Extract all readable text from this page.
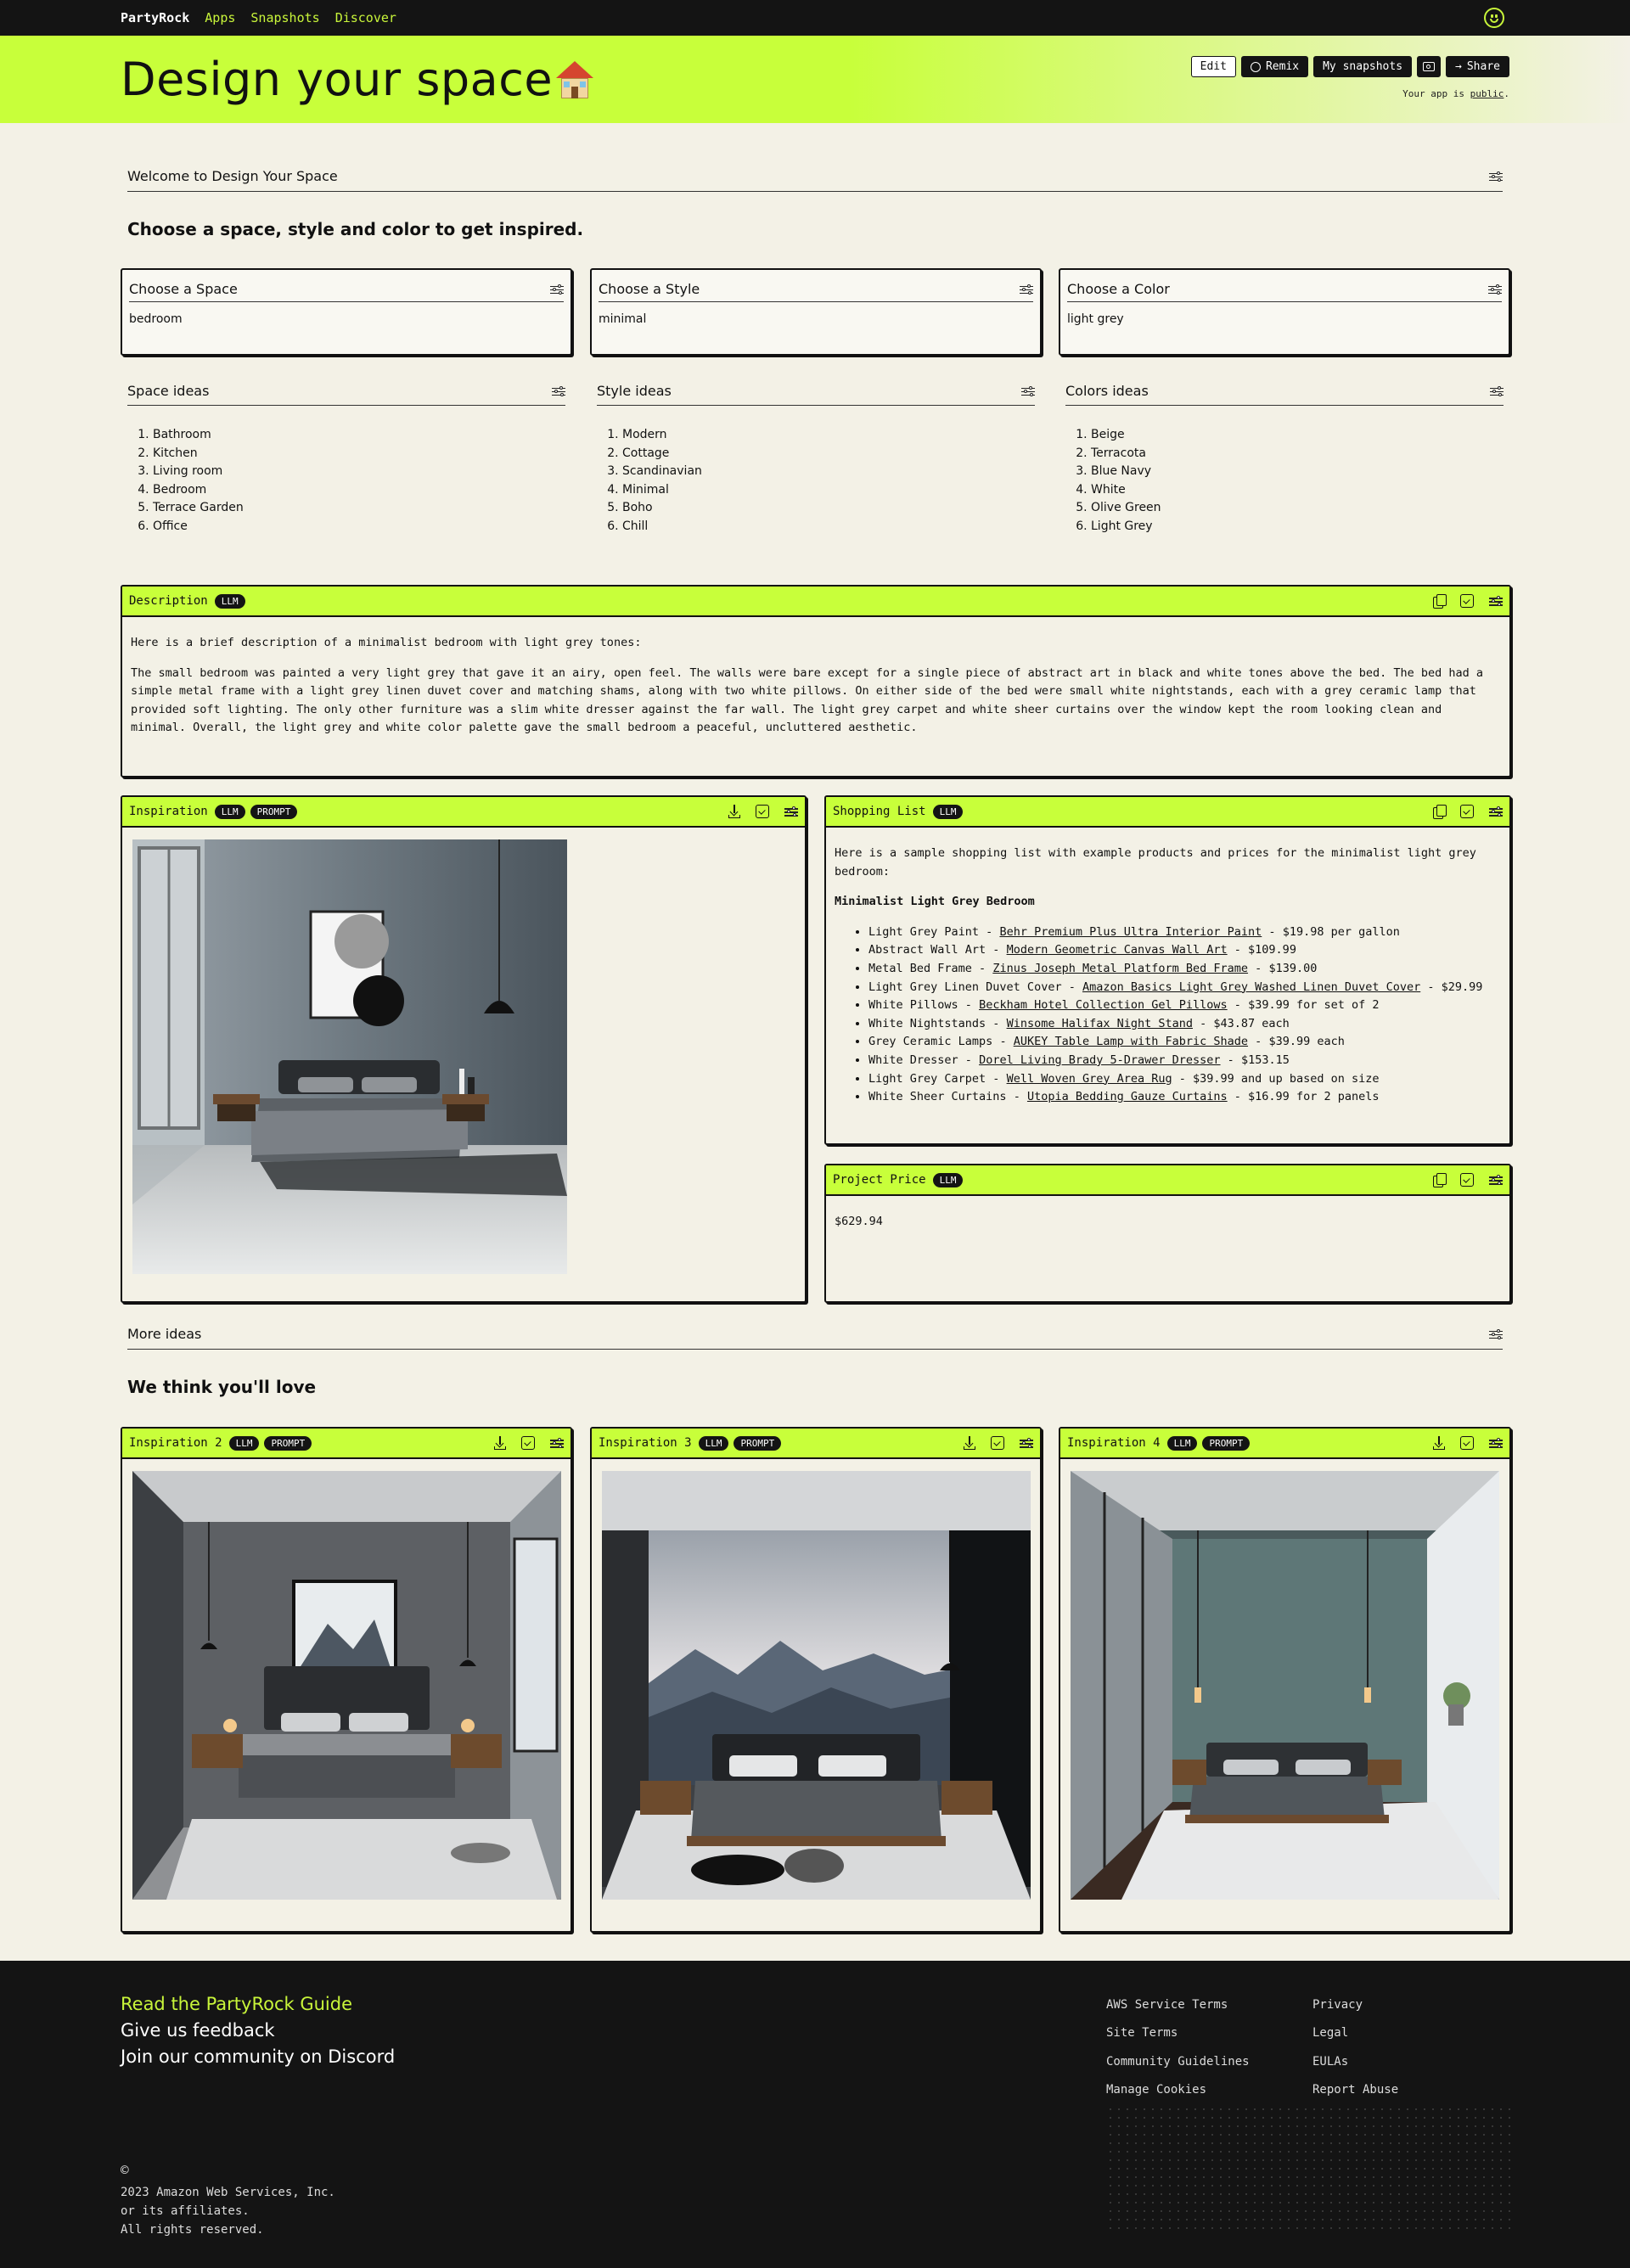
PartyRock Apps Snapshots Discover
Design your space	Edit	Remix My snapshots	→ Share
Your app is public.
Welcome to Design Your Space
Choose a space, style and color to get inspired.
Choose a Space
bedroom
Choose a Style
minimal
Choose a Color
light grey
Space ideas
1. Bathroom
2. Kitchen
3. Living room
4. Bedroom
5. Terrace Garden
6. Office
Style ideas
1. Modern
2. Cottage
3. Scandinavian
4. Minimal
5. Boho
6. Chill
Colors ideas
1. Beige
2. Terracota
3. Blue Navy
4. White
5. Olive Green
6. Light Grey
Description	LLM

Here is a brief description of a minimalist bedroom with light grey tones:

The small bedroom was painted a very light grey that gave it an airy, open feel. The walls were bare except for a single piece of abstract art in black and white tones above the bed. The bed had a simple metal frame with a light grey linen duvet cover and matching shams, along with two white pillows. On either side of the bed were small white nightstands, each with a grey ceramic lamp that provided soft lighting. The only other furniture was a slim white dresser against the far wall. The light grey carpet and white sheer curtains over the window kept the room looking clean and minimal. Overall, the light grey and white color palette gave the small bedroom a peaceful, uncluttered aesthetic.

Inspiration	LLM	PROMPT	Shopping List	LLM

Here is a sample shopping list with example products and prices for the minimalist light grey bedroom:

Minimalist Light Grey Bedroom
• Light Grey Paint - Behr Premium Plus Ultra Interior Paint - $19.98 per gallon
• Abstract Wall Art - Modern Geometric Canvas Wall Art - $109.99
• Metal Bed Frame - Zinus Joseph Metal Platform Bed Frame - $139.00
• Light Grey Linen Duvet Cover - Amazon Basics Light Grey Washed Linen Duvet Cover - $29.99
• White Pillows - Beckham Hotel Collection Gel Pillows - $39.99 for set of 2
• White Nightstands - Winsome Halifax Night Stand - $43.87 each
• Grey Ceramic Lamps - AUKEY Table Lamp with Fabric Shade - $39.99 each
• White Dresser - Dorel Living Brady 5-Drawer Dresser - $153.15
• Light Grey Carpet - Well Woven Grey Area Rug - $39.99 and up based on size
• White Sheer Curtains - Utopia Bedding Gauze Curtains - $16.99 for 2 panels
Project Price	LLM

$629.94

More ideas
We think you'll love
Inspiration 2	LLM	PROMPT	Inspiration 3	LLM	PROMPT	Inspiration 4	LLM	PROMPT
Read the PartyRock Guide
Give us feedback
Join our community on Discord
AWS Service Terms
Site Terms
Community Guidelines
Manage Cookies
Privacy
Legal
EULAs
Report Abuse
©
2023 Amazon Web Services, Inc.
or its affiliates.
All rights reserved.
